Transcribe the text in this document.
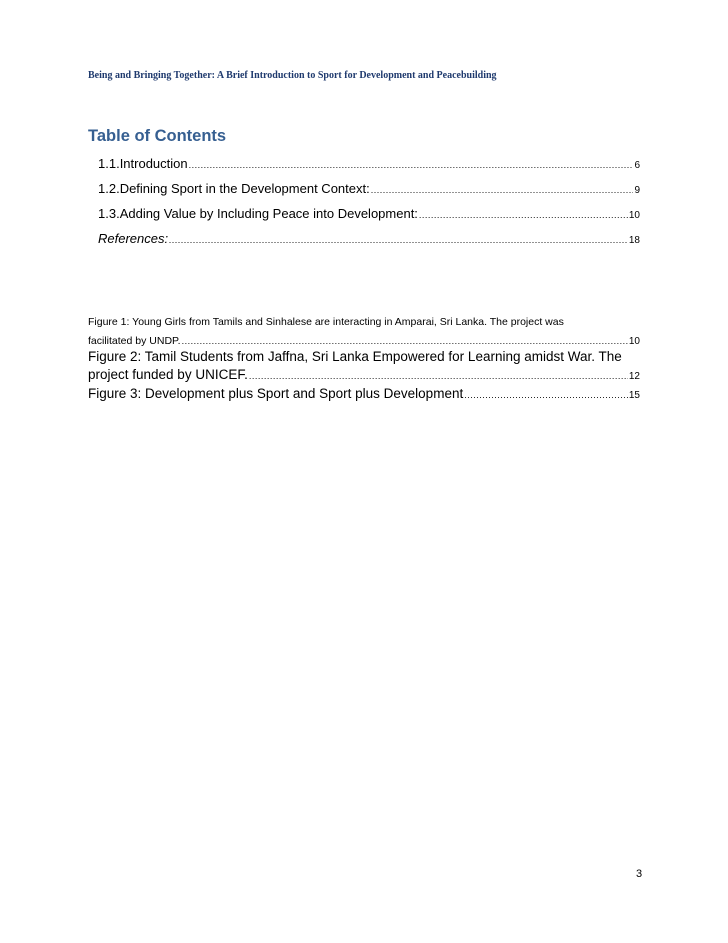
Being and Bringing Together: A Brief Introduction to Sport for Development and Peacebuilding
Table of Contents
1.1. Introduction .....	6
1.2. Defining Sport in the Development Context: .....	9
1.3. Adding Value by Including Peace into Development: .....	10
References: .....	18
Figure 1: Young Girls from Tamils and Sinhalese are interacting in Amparai, Sri Lanka. The project was
facilitated by UNDP. .....	10
Figure 2: Tamil Students from Jaffna, Sri Lanka Empowered for Learning amidst War. The
project funded by UNICEF. .....	12
Figure 3: Development plus Sport and Sport plus Development .....	15
3
